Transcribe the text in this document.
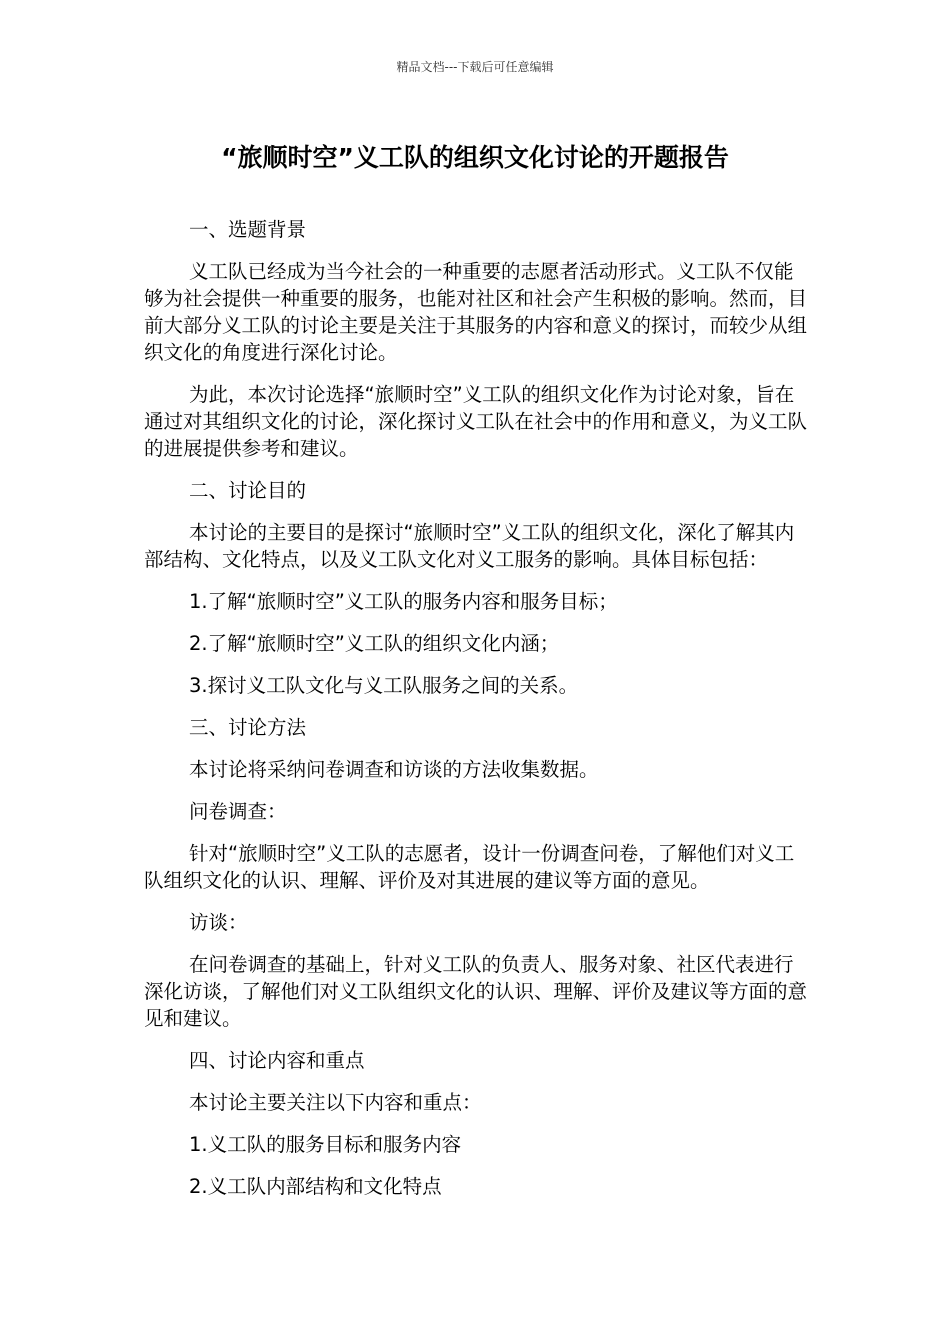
精品文档---下载后可任意编辑
“旅顺时空”义工队的组织文化讨论的开题报告

一、选题背景

义工队已经成为当今社会的一种重要的志愿者活动形式。义工队不仅能够为社会提供一种重要的服务，也能对社区和社会产生积极的影响。然而，目前大部分义工队的讨论主要是关注于其服务的内容和意义的探讨，而较少从组织文化的角度进行深化讨论。

为此，本次讨论选择“旅顺时空”义工队的组织文化作为讨论对象，旨在通过对其组织文化的讨论，深化探讨义工队在社会中的作用和意义，为义工队的进展提供参考和建议。

二、讨论目的

本讨论的主要目的是探讨“旅顺时空”义工队的组织文化，深化了解其内部结构、文化特点，以及义工队文化对义工服务的影响。具体目标包括：

1.了解“旅顺时空”义工队的服务内容和服务目标；

2.了解“旅顺时空”义工队的组织文化内涵；

3.探讨义工队文化与义工队服务之间的关系。

三、讨论方法

本讨论将采纳问卷调查和访谈的方法收集数据。

问卷调查：

针对“旅顺时空”义工队的志愿者，设计一份调查问卷，了解他们对义工队组织文化的认识、理解、评价及对其进展的建议等方面的意见。

访谈：

在问卷调查的基础上，针对义工队的负责人、服务对象、社区代表进行深化访谈，了解他们对义工队组织文化的认识、理解、评价及建议等方面的意见和建议。

四、讨论内容和重点

本讨论主要关注以下内容和重点：

1.义工队的服务目标和服务内容

2.义工队内部结构和文化特点
